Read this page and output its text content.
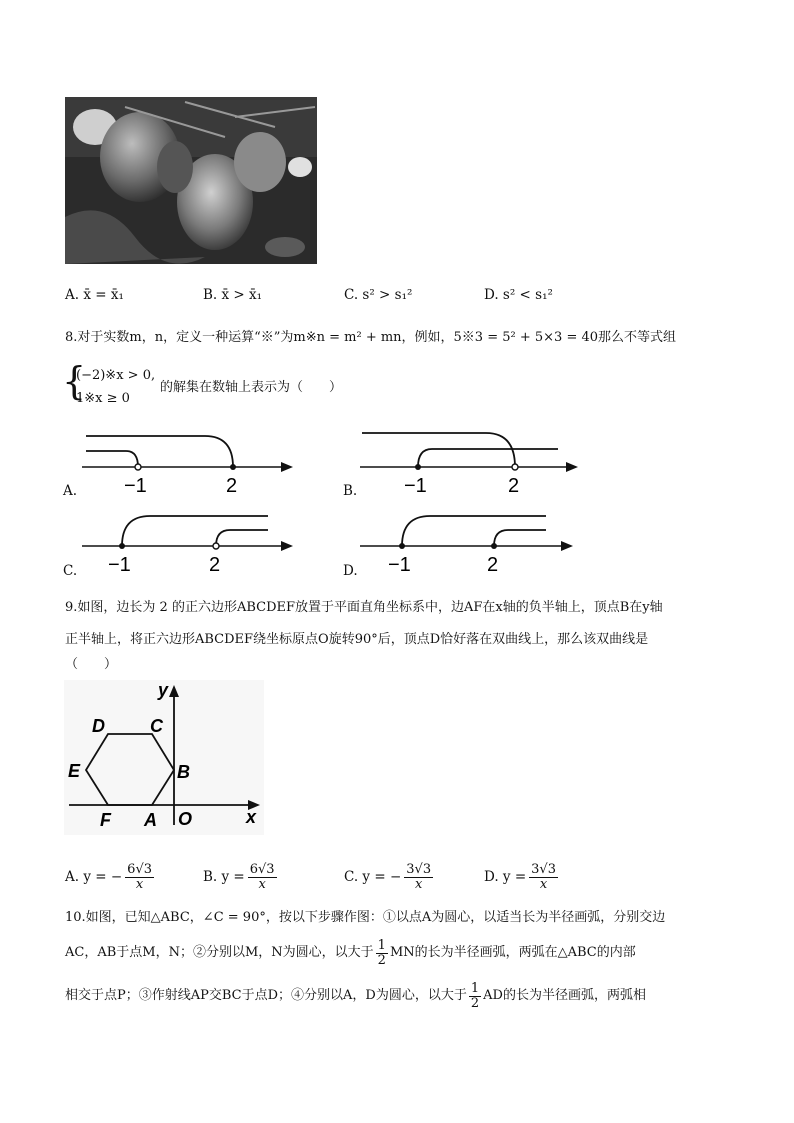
A. x̄ = x̄₁	B. x̄ > x̄₁	C. s² > s₁²	D. s² < s₁²
8.对于实数m，n，定义一种运算“※”为m※n = m² + mn，例如，5※3 = 5² + 5×3 = 40那么不等式组
{
(−2)※x > 0,
1※x ≥ 0
的解集在数轴上表示为（　　）
A. −1	2	B. −1	2
C. −1	2	D. −1	2
9.如图，边长为 2 的正六边形ABCDEF放置于平面直角坐标系中，边AF在x轴的负半轴上，顶点B在y轴
正半轴上，将正六边形ABCDEF绕坐标原点O旋转90°后，顶点D恰好落在双曲线上，那么该双曲线是
（　　）
D	C
E	B
F A O	x
y
A. y = − $\frac{6√3}{x}$	B. $y = \frac{6√3}{x}$	C. y = − $\frac{3√3}{x}$	D. $y = \frac{3√3}{x}$
10.如图，已知△ABC，∠C = 90°，按以下步骤作图：①以点A为圆心，以适当长为半径画弧，分别交边
AC，AB于点M，N；②分别以M，N为圆心，以大于 $\frac{1}{2}$ MN的长为半径画弧，两弧在△ABC的内部
相交于点P；③作射线AP交BC于点D；④分别以A，D为圆心，以大于 $\frac{1}{2}$ AD的长为半径画弧，两弧相
